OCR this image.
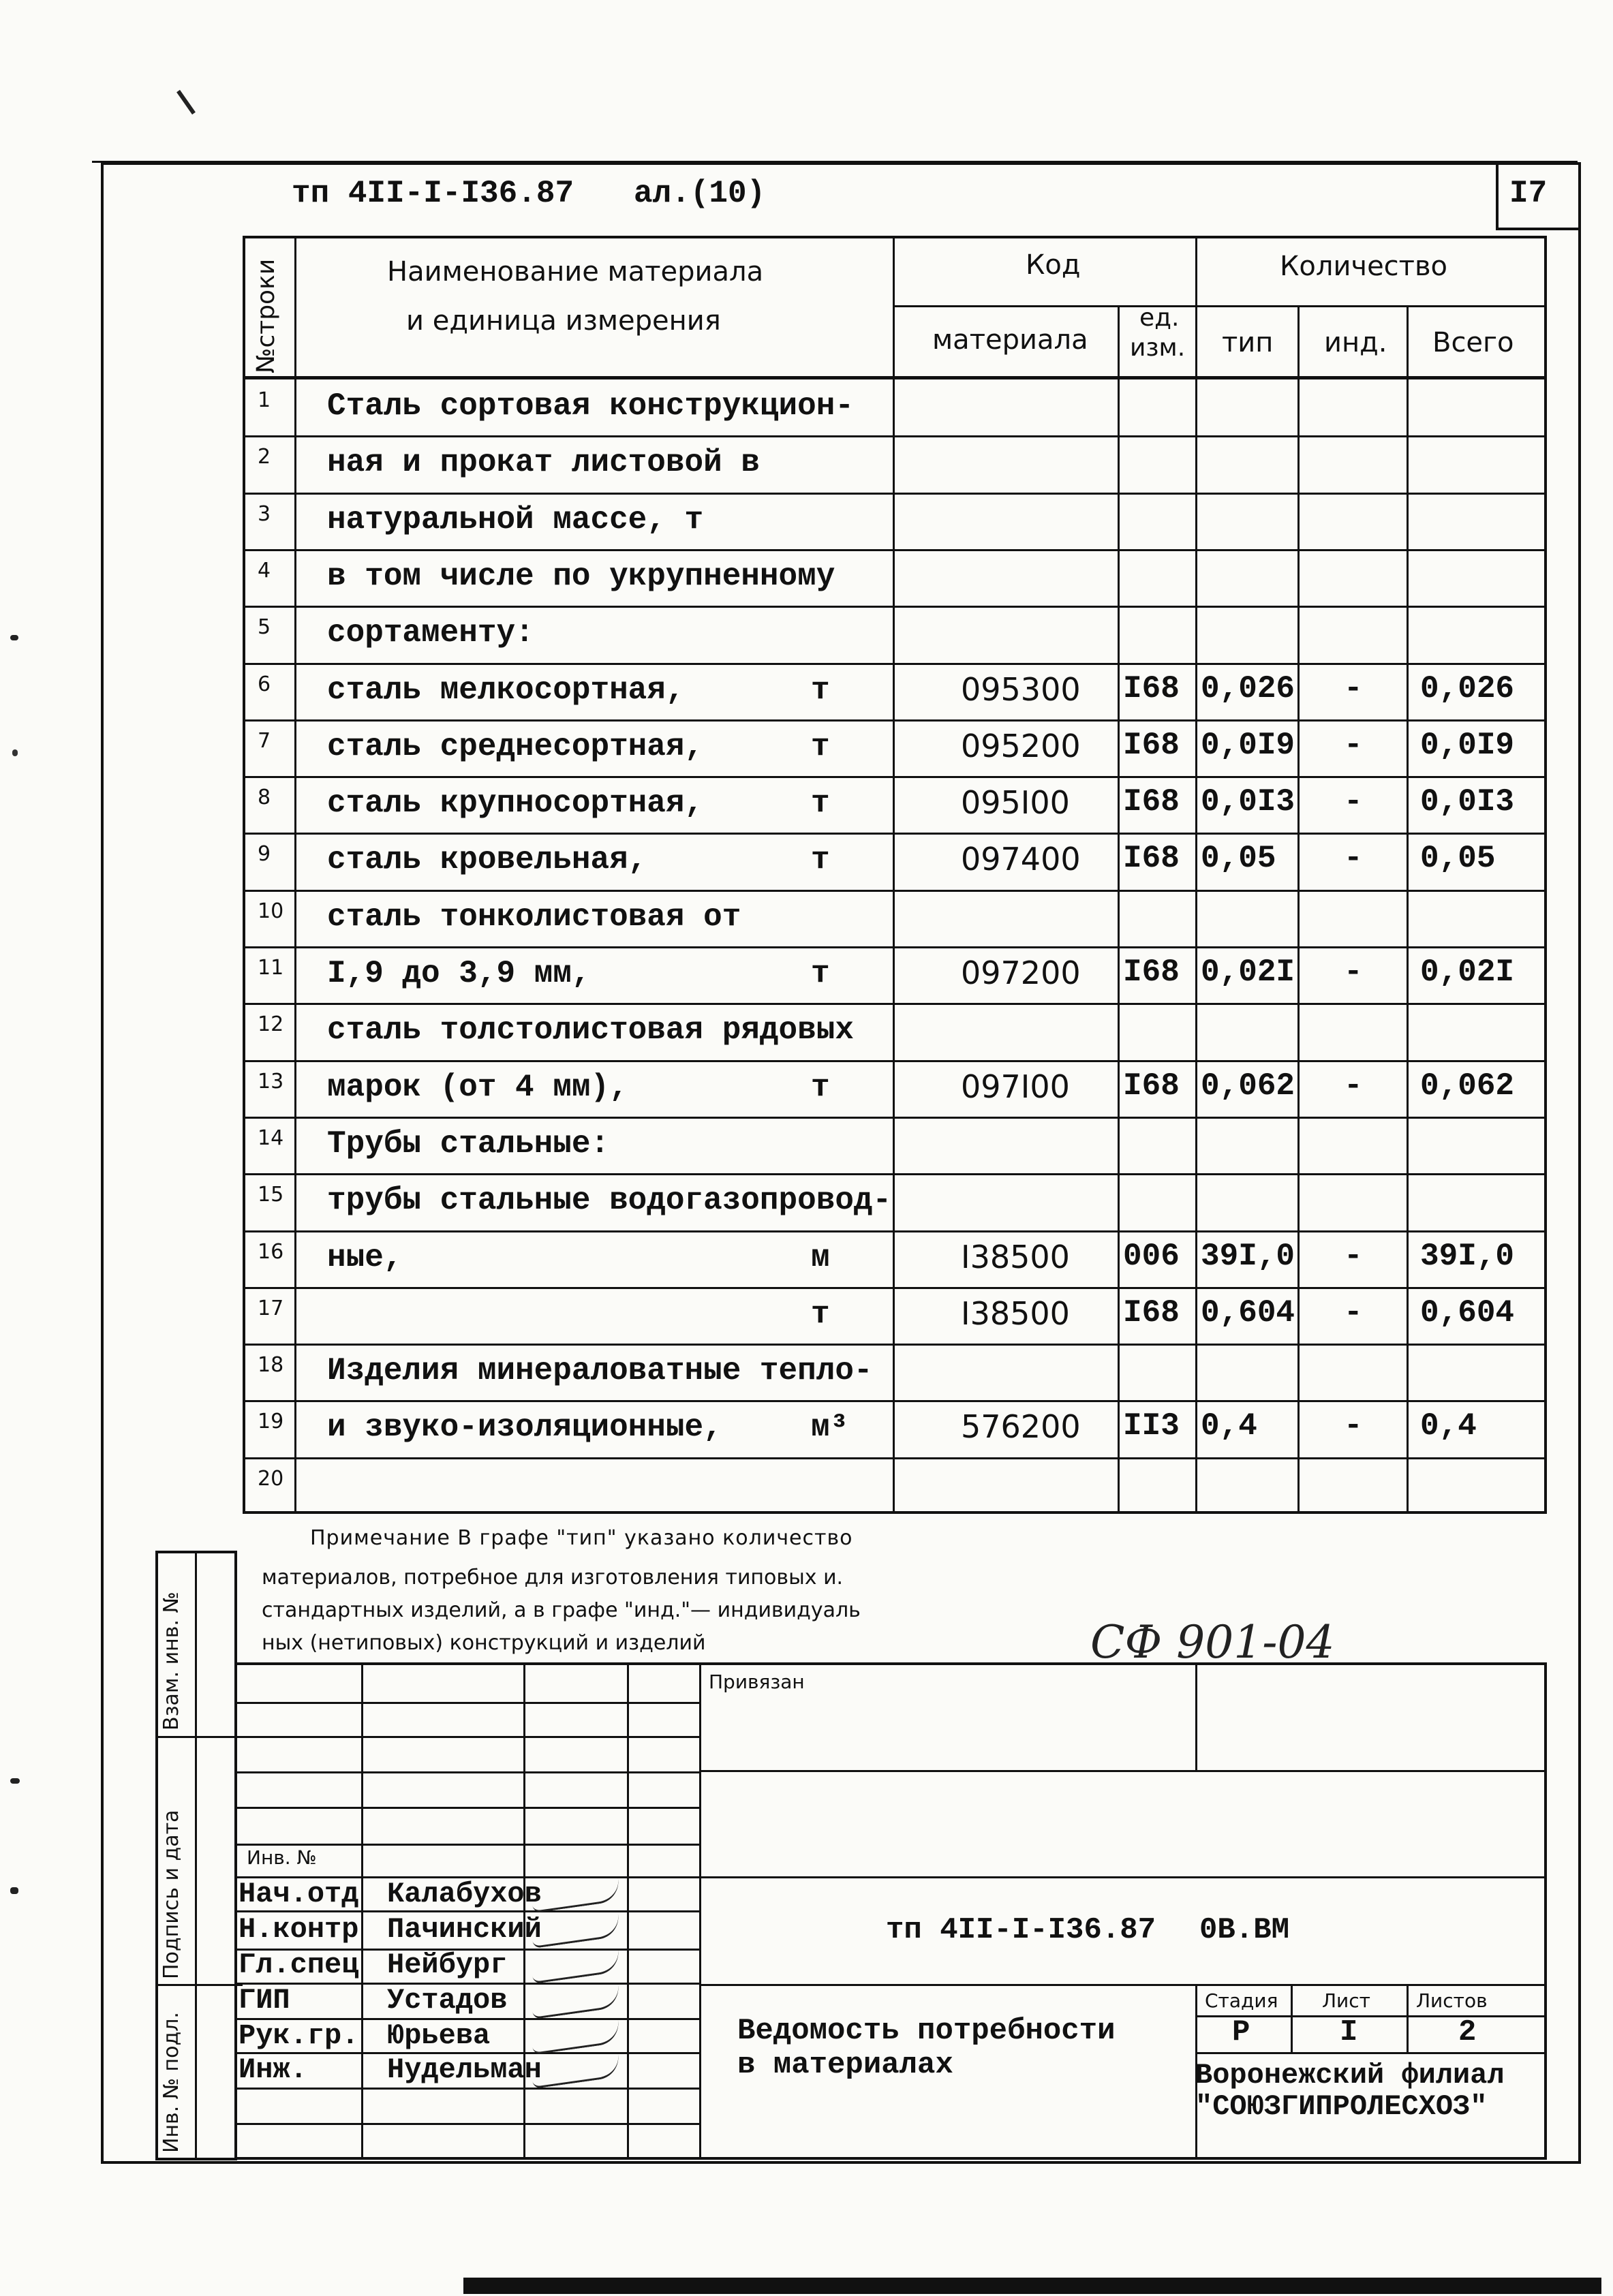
тп 4II-I-I36.87 ал.(10)	I7
№строки	Наименование материала
и единица измерения
Код	Количество
материала
ед.
изм. тип инд. Всего
1 Сталь сортовая конструкцион-
2 ная и прокат листовой в
3 натуральной массе, т
4 в том числе по укрупненному
5 сортаменту:
6 сталь мелкосортная,	т	095300 I68 0,026 - 0,026
7 сталь среднесортная,	т	095200 I68 0,0I9 - 0,0I9
8 сталь крупносортная,	т	095I00 I68 0,0I3 - 0,0I3
9 сталь кровельная,	т	097400 I68 0,05 - 0,05
10 сталь тонколистовая от
11 I,9 до 3,9 мм,	т	097200 I68 0,02I - 0,02I
12 сталь толстолистовая рядовых
13 марок (от 4 мм),	т	097I00 I68 0,062 - 0,062
14 Трубы стальные:
15 трубы стальные водогазопровод-
16 ные,	м	I38500 006 39I,0 - 39I,0
17	т	I38500 I68 0,604 - 0,604
18 Изделия минераловатные тепло-
19 и звуко-изоляционные,	м³	576200 II3 0,4	- 0,4
20
Примечание В графе "тип" указано количество
материалов, потребное для изготовления типовых и.
стандартных изделий, а в графе "инд."— индивидуаль
ных (нетиповых) конструкций и изделий	СФ 901-04
Взам. инв. №
Подпись и дата
Инв. № подл.
Привязан
Инв. №
тп 4II-I-I36.87 0В.ВМ
Ведомость потребности
в материалах
Стадия Лист Листов
Р	I	2
Воронежский филиал
"СОЮЗГИПРОЛЕСХОЗ"
Нач.отд Калабухов
Н.контр Пачинский
Гл.спец Нейбург
ГИП	Устадов
Рук.гр. Юрьева
Инж.	Нудельман
